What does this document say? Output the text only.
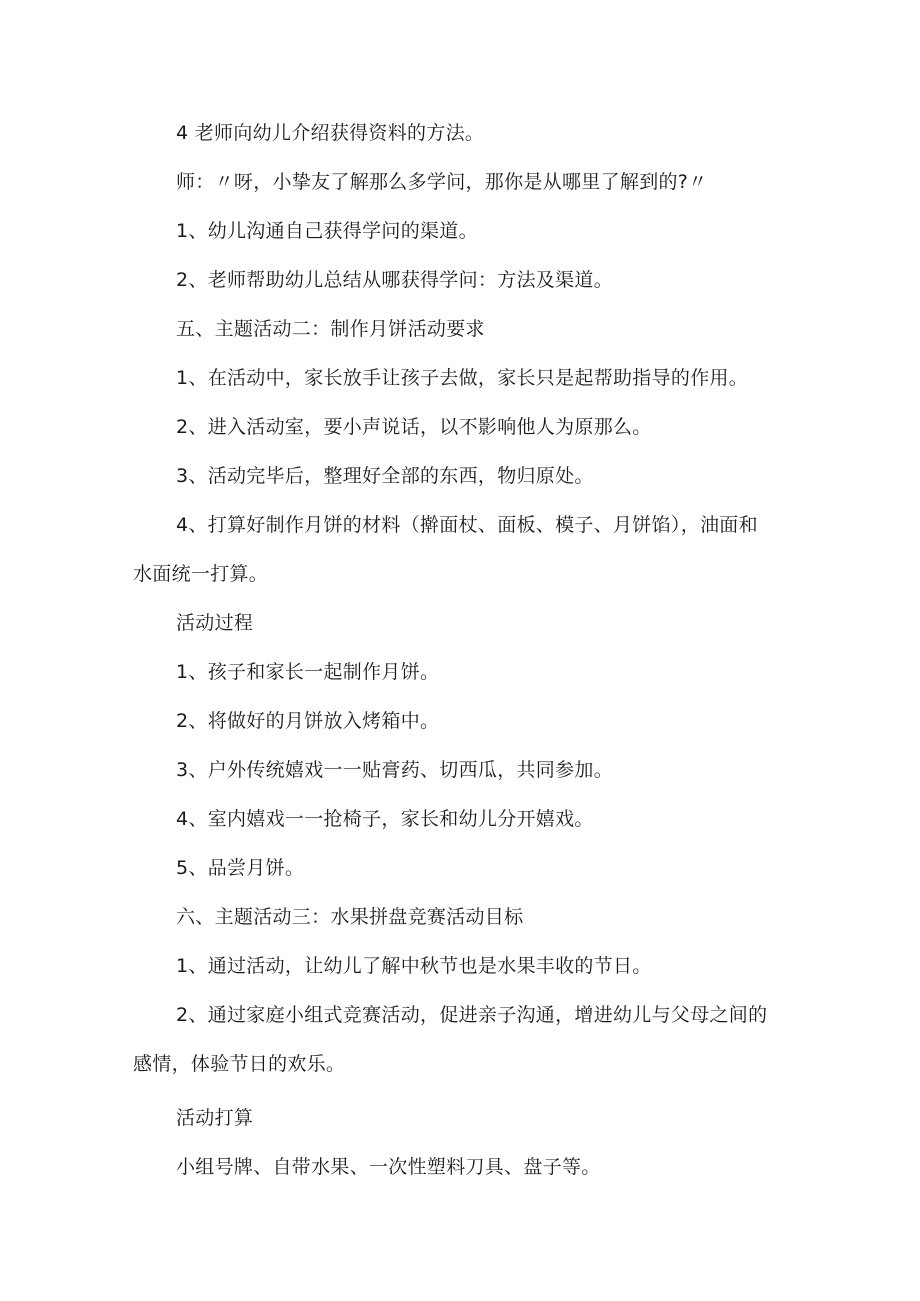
4 老师向幼儿介绍获得资料的方法。
师：〃呀，小挚友了解那么多学问，那你是从哪里了解到的?〃
1、幼儿沟通自己获得学问的渠道。
2、老师帮助幼儿总结从哪获得学问：方法及渠道。
五、主题活动二：制作月饼活动要求
1、在活动中，家长放手让孩子去做，家长只是起帮助指导的作用。
2、进入活动室，要小声说话，以不影响他人为原那么。
3、活动完毕后，整理好全部的东西，物归原处。
4、打算好制作月饼的材料（擀面杖、面板、模子、月饼馅），油面和
水面统一打算。
活动过程
1、孩子和家长一起制作月饼。
2、将做好的月饼放入烤箱中。
3、户外传统嬉戏一一贴膏药、切西瓜，共同参加。
4、室内嬉戏一一抢椅子，家长和幼儿分开嬉戏。
5、品尝月饼。
六、主题活动三：水果拼盘竞赛活动目标
1、通过活动，让幼儿了解中秋节也是水果丰收的节日。
2、通过家庭小组式竞赛活动，促进亲子沟通，增进幼儿与父母之间的
感情，体验节日的欢乐。
活动打算
小组号牌、自带水果、一次性塑料刀具、盘子等。
